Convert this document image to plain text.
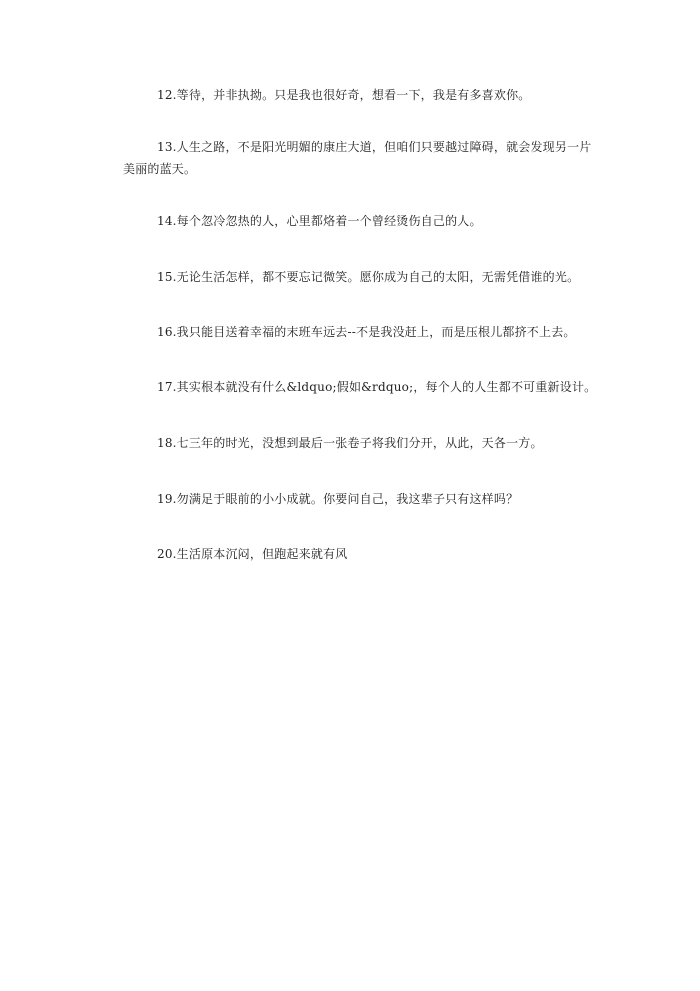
12.等待，并非执拗。只是我也很好奇，想看一下，我是有多喜欢你。

13.人生之路，不是阳光明媚的康庄大道，但咱们只要越过障碍，就会发现另一片美丽的蓝天。

14.每个忽冷忽热的人，心里都烙着一个曾经烫伤自己的人。

15.无论生活怎样，都不要忘记微笑。愿你成为自己的太阳，无需凭借谁的光。

16.我只能目送着幸福的末班车远去--不是我没赶上，而是压根儿都挤不上去。

17.其实根本就没有什么&ldquo;假如&rdquo;，每个人的人生都不可重新设计。

18.七三年的时光，没想到最后一张卷子将我们分开，从此，天各一方。

19.勿满足于眼前的小小成就。你要问自己，我这辈子只有这样吗？

20.生活原本沉闷，但跑起来就有风
